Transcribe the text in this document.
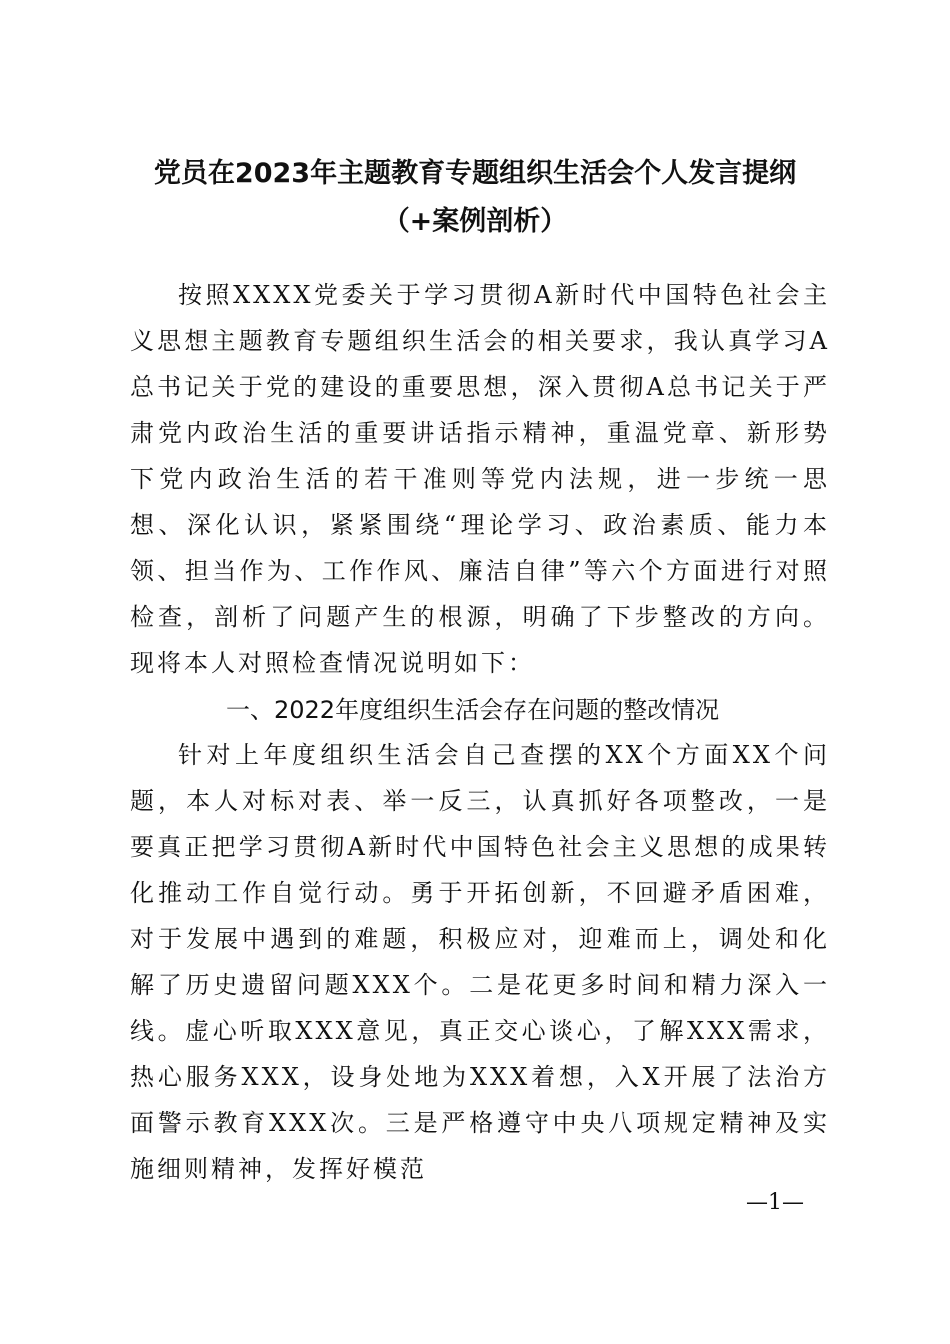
党员在2023年主题教育专题组织生活会个人发言提纲（+案例剖析）

按照XXXX党委关于学习贯彻A新时代中国特色社会主义思想主题教育专题组织生活会的相关要求，我认真学习A总书记关于党的建设的重要思想，深入贯彻A总书记关于严肃党内政治生活的重要讲话指示精神，重温党章、新形势下党内政治生活的若干准则等党内法规，进一步统一思想、深化认识，紧紧围绕“理论学习、政治素质、能力本领、担当作为、工作作风、廉洁自律”等六个方面进行对照检查，剖析了问题产生的根源，明确了下步整改的方向。现将本人对照检查情况说明如下：

一、2022年度组织生活会存在问题的整改情况

针对上年度组织生活会自己查摆的XX个方面XX个问题，本人对标对表、举一反三，认真抓好各项整改，一是要真正把学习贯彻A新时代中国特色社会主义思想的成果转化推动工作自觉行动。勇于开拓创新，不回避矛盾困难，对于发展中遇到的难题，积极应对，迎难而上，调处和化解了历史遗留问题XXX个。二是花更多时间和精力深入一线。虚心听取XXX意见，真正交心谈心，了解XXX需求，热心服务XXX，设身处地为XXX着想，入X开展了法治方面警示教育XXX次。三是严格遵守中央八项规定精神及实施细则精神，发挥好模范

—1—
